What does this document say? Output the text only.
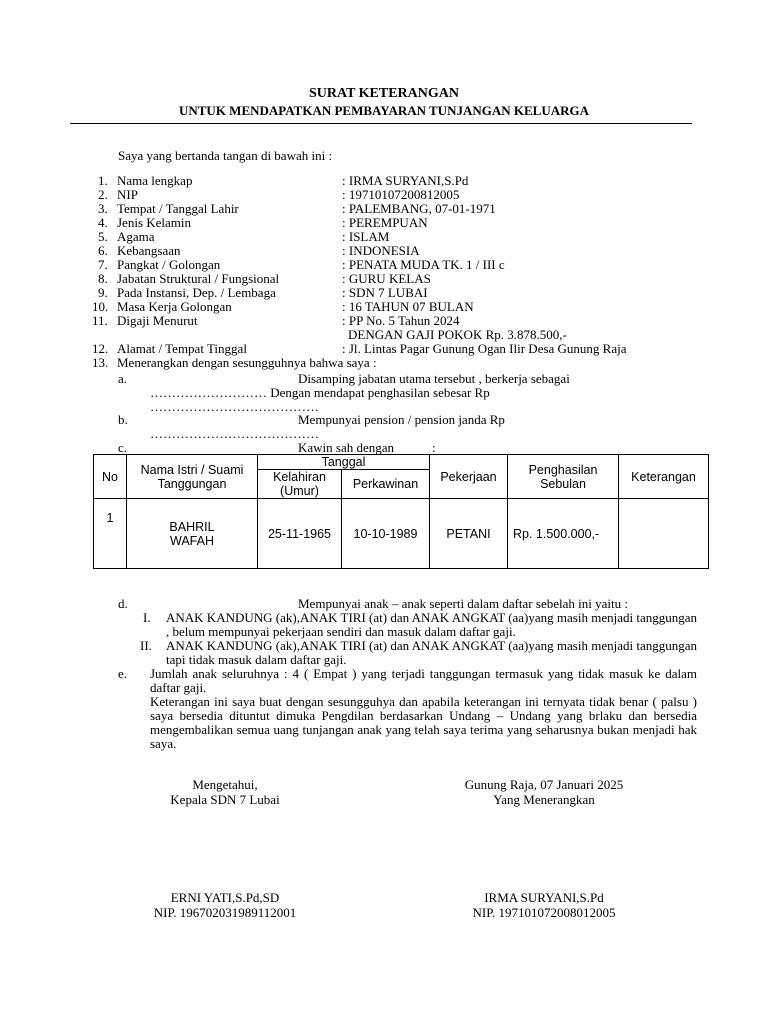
SURAT KETERANGAN
UNTUK MENDAPATKAN PEMBAYARAN TUNJANGAN KELUARGA
Saya yang bertanda tangan di bawah ini :
1. Nama lengkap	: IRMA SURYANI,S.Pd
2. NIP	: 19710107200812005
3. Tempat / Tanggal Lahir	: PALEMBANG, 07-01-1971
4. Jenis Kelamin	: PEREMPUAN
5. Agama	: ISLAM
6. Kebangsaan	: INDONESIA
7. Pangkat / Golongan	: PENATA MUDA TK. 1 / III c
8. Jabatan Struktural / Fungsional	: GURU KELAS
9. Pada Instansi, Dep. / Lembaga	: SDN 7 LUBAI
10. Masa Kerja Golongan	: 16 TAHUN 07 BULAN
11. Digaji Menurut	: PP No. 5 Tahun 2024
DENGAN GAJI POKOK Rp. 3.878.500,-
12. Alamat / Tempat Tinggal	: Jl. Lintas Pagar Gunung Ogan Ilir Desa Gunung Raja
13. Menerangkan dengan sesungguhnya bahwa saya :
a.	Disamping jabatan utama tersebut , berkerja sebagai
……………………… Dengan mendapat penghasilan sebesar Rp
…………………………………
b.	Mempunyai pension / pension janda Rp
…………………………………
c.	Kawin sah dengan	:
No	Nama Istri / Suami Tanggungan	Tanggal		Pekerjaan	Penghasilan Sebulan	Keterangan
		Kelahiran (Umur)	Perkawinan			
1	BAHRIL WAFAH	25-11-1965	10-10-1989	PETANI	Rp. 1.500.000,-	
d.	Mempunyai anak – anak seperti dalam daftar sebelah ini yaitu :
I. ANAK KANDUNG (ak),ANAK TIRI (at) dan ANAK ANGKAT (aa)yang masih menjadi tanggungan , belum mempunyai pekerjaan sendiri dan masuk dalam daftar gaji.
II. ANAK KANDUNG (ak),ANAK TIRI (at) dan ANAK ANGKAT (aa)yang masih menjadi tanggungan tapi tidak masuk dalam daftar gaji.
e. Jumlah anak seluruhnya : 4 ( Empat ) yang terjadi tanggungan termasuk yang tidak masuk ke dalam daftar gaji.
Keterangan ini saya buat dengan sesungguhya dan apabila keterangan ini ternyata tidak benar ( palsu ) saya bersedia dituntut dimuka Pengdilan berdasarkan Undang – Undang yang brlaku dan bersedia mengembalikan semua uang tunjangan anak yang telah saya terima yang seharusnya bukan menjadi hak saya.
Mengetahui,
Kepala SDN 7 Lubai
ERNI YATI,S.Pd,SD
NIP. 196702031989112001
Gunung Raja, 07 Januari 2025
Yang Menerangkan
IRMA SURYANI,S.Pd
NIP. 197101072008012005
